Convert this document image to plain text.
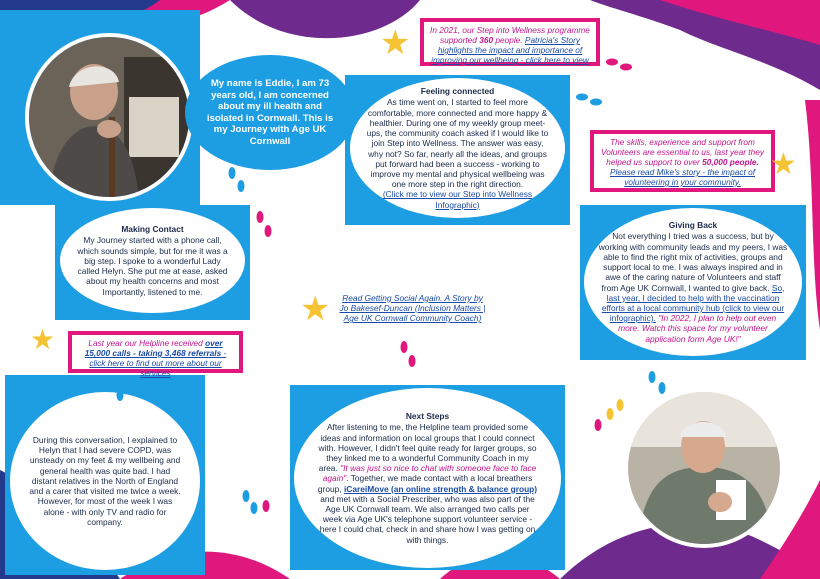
My name is Eddie, I am 73 years old, I am concerned about my ill health and isolated in Cornwall. This is my Journey with Age UK Cornwall
In 2021, our Step into Wellness programme supported 360 people. Patricia's Story highlights the impact and importance of improving our wellbeing - click here to view
Feeling connected
As time went on, I started to feel more comfortable, more connected and more happy & healthier. During one of my weekly group meet-ups, the community coach asked if I would like to join Step into Wellness. The answer was easy, why not? So far, nearly all the ideas, and groups put forward had been a success - working to improve my mental and physical wellbeing was one more step in the right direction.
(Click me to view our Step into Wellness Infographic)
The skills, experience and support from Volunteers are essential to us, last year they helped us support to over 50,000 people.
Please read Mike's story - the impact of volunteering in your community.
Making Contact
My Journey started with a phone call, which sounds simple, but for me it was a big step. I spoke to a wonderful Lady called Helyn. She put me at ease, asked about my health concerns and most Importantly, listened to me.
Giving Back
Not everything I tried was a success, but by working with community leads and my peers, I was able to find the right mix of activities, groups and support local to me. I was always inspired and in awe of the caring nature of Volunteers and staff from Age UK Cornwall, I wanted to give back. So, last year, I decided to help with the vaccination efforts at a local community hub (click to view our infographic). "In 2022, I plan to help out even more. Watch this space for my volunteer application form Age UK!"
Read Getting Social Again. A Story by Jo Bakesef-Duncan (Inclusion Matters | Age UK Cornwall Community Coach)
Last year our Helpline received over 15,000 calls - taking 3,468 referrals - click here to find out more about our services
During this conversation, I explained to Helyn that I had severe COPD, was unsteady on my feet & my wellbeing and general health was quite bad. I had distant relatives in the North of England and a carer that visited me twice a week. However, for most of the week I was alone - with only TV and radio for company.
Next Steps
After listening to me, the Helpline team provided some ideas and information on local groups that I could connect with. However, I didn't feel quite ready for larger groups, so they linked me to a wonderful Community Coach in my area. "It was just so nice to chat with someone face to face again". Together, we made contact with a local breathers group, iCareiMove (an online strength & balance group) and met with a Social Prescriber, who was also part of the Age UK Cornwall team. We also arranged two calls per week via Age UK's telephone support volunteer service - here I could chat, check in and share how I was getting on with things.
★
★
★
★
